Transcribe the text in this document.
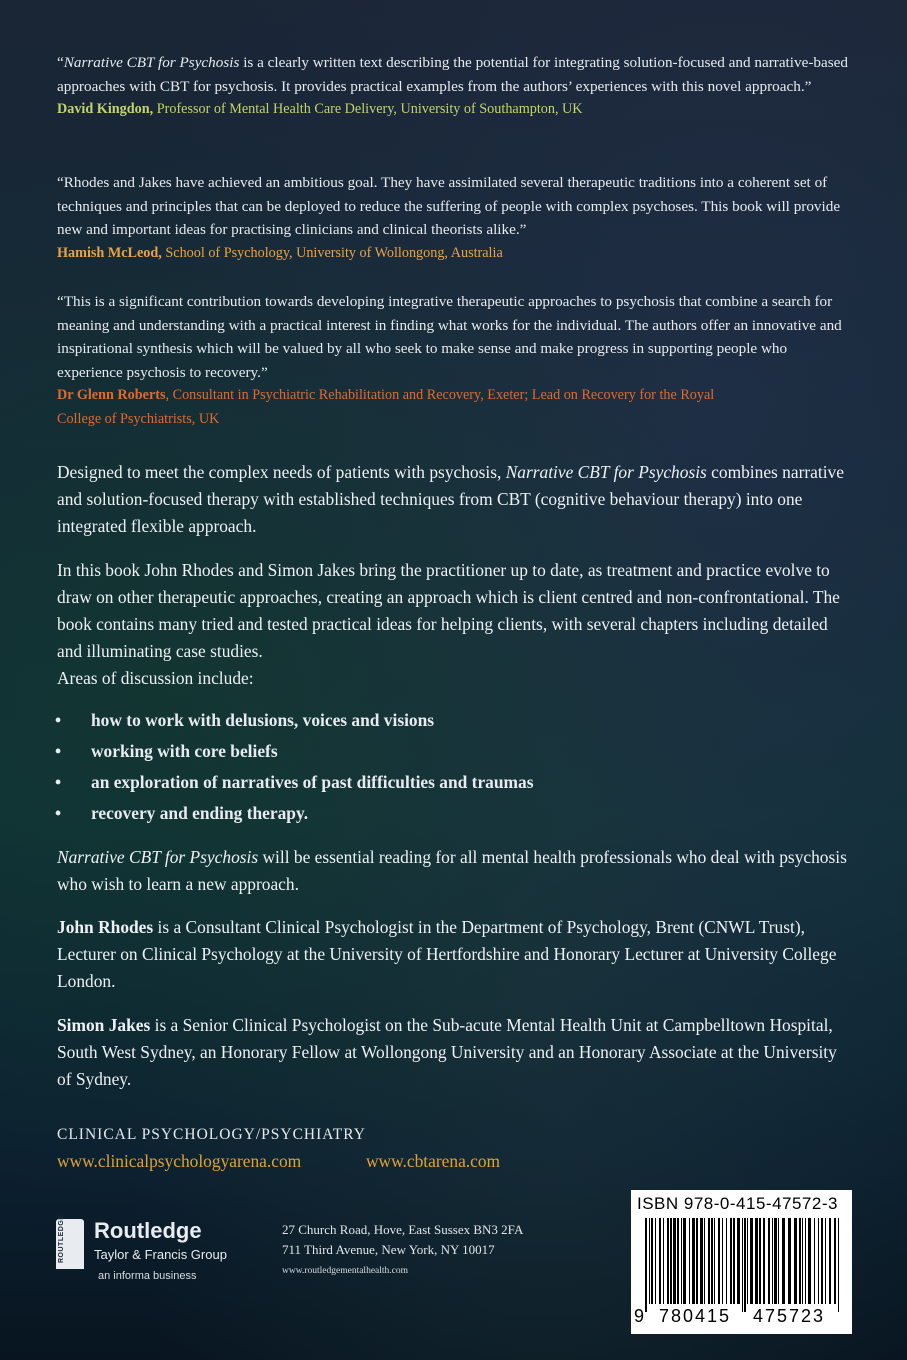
“Narrative CBT for Psychosis is a clearly written text describing the potential for integrating solution-focused and narrative-based approaches with CBT for psychosis. It provides practical examples from the authors’ experiences with this novel approach.”
David Kingdon, Professor of Mental Health Care Delivery, University of Southampton, UK
“Rhodes and Jakes have achieved an ambitious goal. They have assimilated several therapeutic traditions into a coherent set of techniques and principles that can be deployed to reduce the suffering of people with complex psychoses. This book will provide new and important ideas for practising clinicians and clinical theorists alike.”
Hamish McLeod, School of Psychology, University of Wollongong, Australia
“This is a significant contribution towards developing integrative therapeutic approaches to psychosis that combine a search for meaning and understanding with a practical interest in finding what works for the individual. The authors offer an innovative and inspirational synthesis which will be valued by all who seek to make sense and make progress in supporting people who experience psychosis to recovery.”
Dr Glenn Roberts, Consultant in Psychiatric Rehabilitation and Recovery, Exeter; Lead on Recovery for the Royal College of Psychiatrists, UK
Designed to meet the complex needs of patients with psychosis, Narrative CBT for Psychosis combines narrative and solution-focused therapy with established techniques from CBT (cognitive behaviour therapy) into one integrated flexible approach.
In this book John Rhodes and Simon Jakes bring the practitioner up to date, as treatment and practice evolve to draw on other therapeutic approaches, creating an approach which is client centred and non-confrontational. The book contains many tried and tested practical ideas for helping clients, with several chapters including detailed and illuminating case studies.
Areas of discussion include:
• how to work with delusions, voices and visions
• working with core beliefs
• an exploration of narratives of past difficulties and traumas
• recovery and ending therapy.
Narrative CBT for Psychosis will be essential reading for all mental health professionals who deal with psychosis who wish to learn a new approach.
John Rhodes is a Consultant Clinical Psychologist in the Department of Psychology, Brent (CNWL Trust), Lecturer on Clinical Psychology at the University of Hertfordshire and Honorary Lecturer at University College London.
Simon Jakes is a Senior Clinical Psychologist on the Sub-acute Mental Health Unit at Campbelltown Hospital, South West Sydney, an Honorary Fellow at Wollongong University and an Honorary Associate at the University of Sydney.
CLINICAL PSYCHOLOGY/PSYCHIATRY
www.clinicalpsychologyarena.com	www.cbtarena.com
ROUTLEDGE Routledge
Taylor & Francis Group
an informa business
27 Church Road, Hove, East Sussex BN3 2FA
711 Third Avenue, New York, NY 10017
www.routledgementalhealth.com
ISBN 978-0-415-47572-3
9 780415 475723
